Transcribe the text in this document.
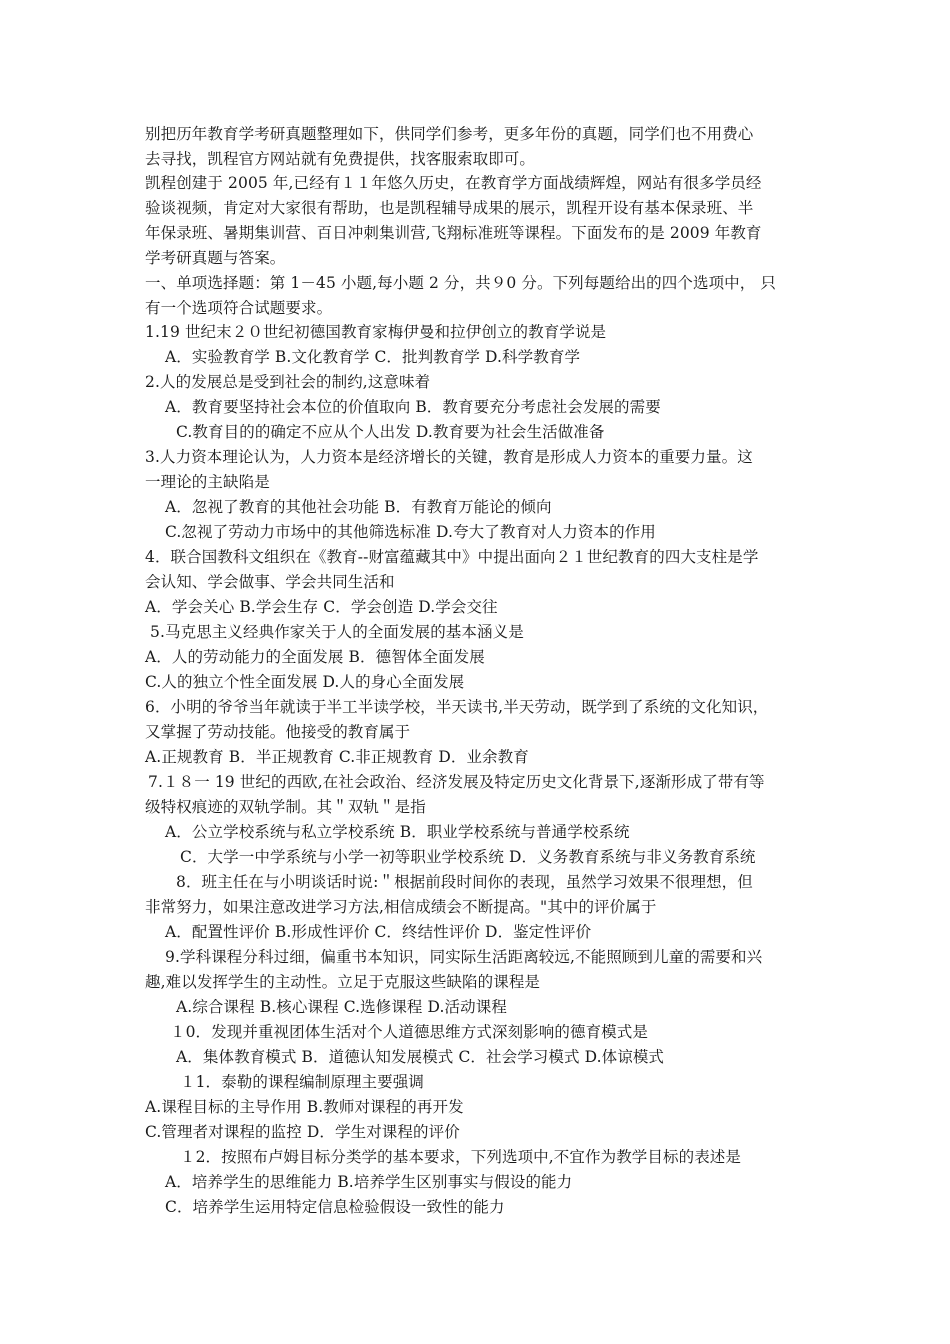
别把历年教育学考研真题整理如下，供同学们参考，更多年份的真题，同学们也不用费心
去寻找，凯程官方网站就有免费提供，找客服索取即可。
凯程创建于 2005 年,已经有１１年悠久历史，在教育学方面战绩辉煌，网站有很多学员经
验谈视频，肯定对大家很有帮助，也是凯程辅导成果的展示，凯程开设有基本保录班、半
年保录班、暑期集训营、百日冲刺集训营,飞翔标准班等课程。下面发布的是 2009 年教育
学考研真题与答案。
一、单项选择题：第 1－45 小题,每小题 2 分，共９0 分。下列每题给出的四个选项中， 只
有一个选项符合试题要求。
1.19 世纪末２０世纪初德国教育家梅伊曼和拉伊创立的教育学说是
A．实验教育学 B.文化教育学 C．批判教育学 D.科学教育学
2.人的发展总是受到社会的制约,这意味着
A．教育要坚持社会本位的价值取向 B．教育要充分考虑社会发展的需要
C.教育目的的确定不应从个人出发 D.教育要为社会生活做准备
3.人力资本理论认为，人力资本是经济增长的关键，教育是形成人力资本的重要力量。这
一理论的主缺陷是
A．忽视了教育的其他社会功能 B．有教育万能论的倾向
C.忽视了劳动力市场中的其他筛选标准 D.夸大了教育对人力资本的作用
4．联合国教科文组织在《教育--财富蕴藏其中》中提出面向２１世纪教育的四大支柱是学
会认知、学会做事、学会共同生活和
A．学会关心 B.学会生存 C．学会创造 D.学会交往
5.马克思主义经典作家关于人的全面发展的基本涵义是
A．人的劳动能力的全面发展 B．德智体全面发展
C.人的独立个性全面发展 D.人的身心全面发展
6．小明的爷爷当年就读于半工半读学校，半天读书,半天劳动，既学到了系统的文化知识，
又掌握了劳动技能。他接受的教育属于
A.正规教育 B．半正规教育 C.非正规教育 D．业余教育
7.１８一 19 世纪的西欧,在社会政治、经济发展及特定历史文化背景下,逐渐形成了带有等
级特权痕迹的双轨学制。其＂双轨＂是指
A．公立学校系统与私立学校系统 B．职业学校系统与普通学校系统
C．大学一中学系统与小学一初等职业学校系统 D．义务教育系统与非义务教育系统
8．班主任在与小明谈话时说:＂根据前段时间你的表现，虽然学习效果不很理想，但
非常努力，如果注意改进学习方法,相信成绩会不断提高。"其中的评价属于
A．配置性评价 B.形成性评价 C．终结性评价 D．鉴定性评价
9.学科课程分科过细，偏重书本知识，同实际生活距离较远,不能照顾到儿童的需要和兴
趣,难以发挥学生的主动性。立足于克服这些缺陷的课程是
A.综合课程 B.核心课程 C.选修课程 D.活动课程
１0．发现并重视团体生活对个人道德思维方式深刻影响的德育模式是
A．集体教育模式 B．道德认知发展模式 C．社会学习模式 D.体谅模式
１1．泰勒的课程编制原理主要强调
A.课程目标的主导作用 B.教师对课程的再开发
C.管理者对课程的监控 D．学生对课程的评价
１2．按照布卢姆目标分类学的基本要求，下列选项中,不宜作为教学目标的表述是
A．培养学生的思维能力 B.培养学生区别事实与假设的能力
C．培养学生运用特定信息检验假设一致性的能力
